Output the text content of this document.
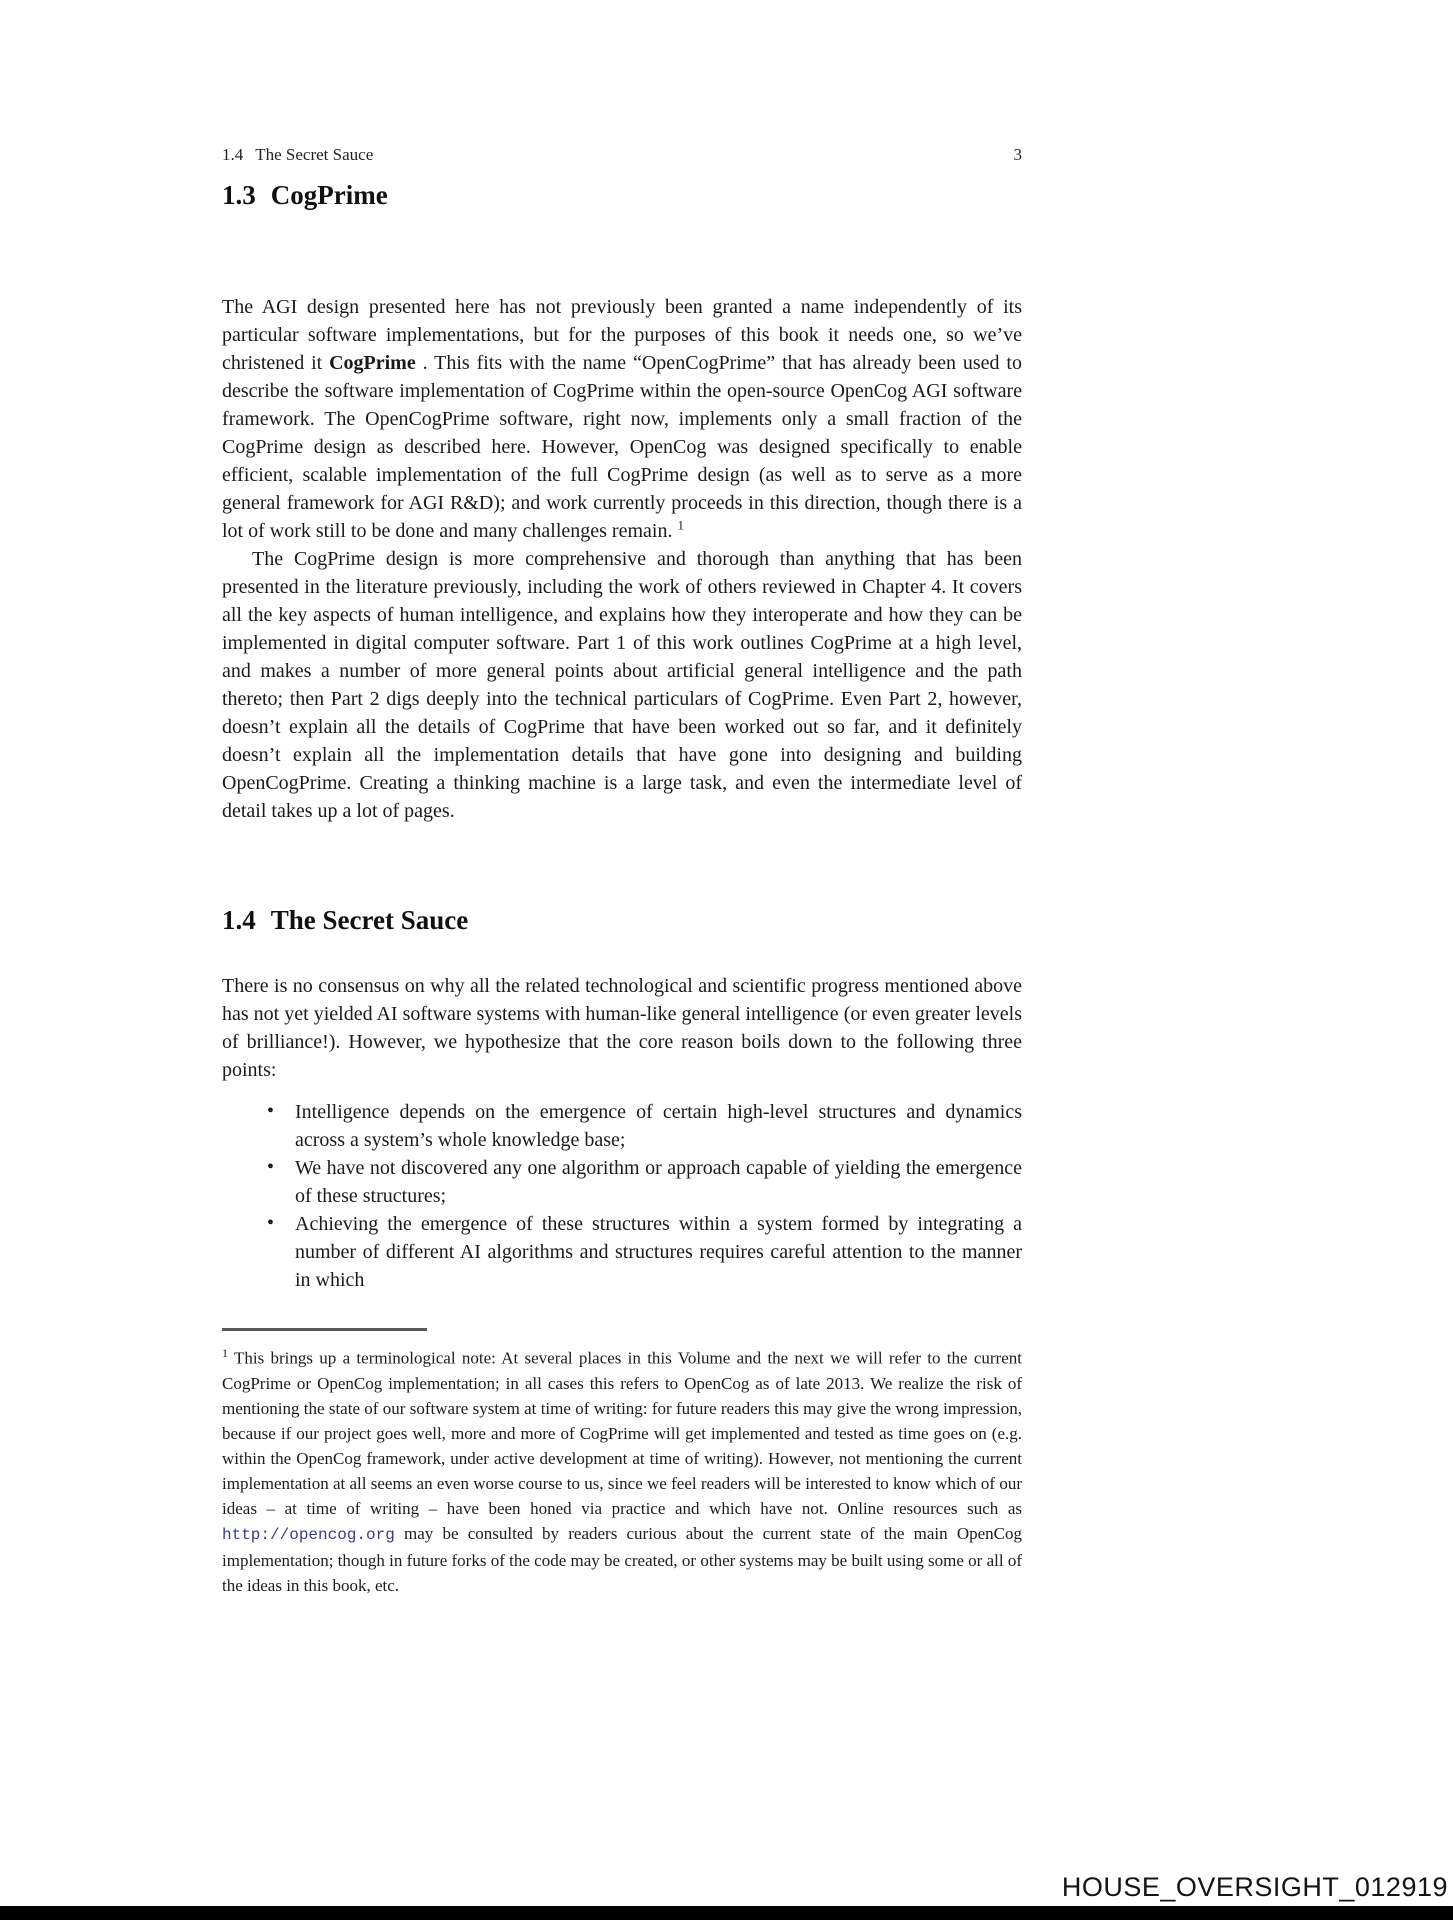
1.4 The Secret Sauce	3
1.3 CogPrime

The AGI design presented here has not previously been granted a name independently of its particular software implementations, but for the purposes of this book it needs one, so we’ve christened it CogPrime . This fits with the name “OpenCogPrime” that has already been used to describe the software implementation of CogPrime within the open-source OpenCog AGI software framework. The OpenCogPrime software, right now, implements only a small fraction of the CogPrime design as described here. However, OpenCog was designed specifically to enable efficient, scalable implementation of the full CogPrime design (as well as to serve as a more general framework for AGI R&D); and work currently proceeds in this direction, though there is a lot of work still to be done and many challenges remain. $^1$

The CogPrime design is more comprehensive and thorough than anything that has been presented in the literature previously, including the work of others reviewed in Chapter 4. It covers all the key aspects of human intelligence, and explains how they interoperate and how they can be implemented in digital computer software. Part 1 of this work outlines CogPrime at a high level, and makes a number of more general points about artificial general intelligence and the path thereto; then Part 2 digs deeply into the technical particulars of CogPrime. Even Part 2, however, doesn’t explain all the details of CogPrime that have been worked out so far, and it definitely doesn’t explain all the implementation details that have gone into designing and building OpenCogPrime. Creating a thinking machine is a large task, and even the intermediate level of detail takes up a lot of pages.

1.4 The Secret Sauce

There is no consensus on why all the related technological and scientific progress mentioned above has not yet yielded AI software systems with human-like general intelligence (or even greater levels of brilliance!). However, we hypothesize that the core reason boils down to the following three points:

• Intelligence depends on the emergence of certain high-level structures and dynamics across a system’s whole knowledge base;
• We have not discovered any one algorithm or approach capable of yielding the emergence of these structures;
• Achieving the emergence of these structures within a system formed by integrating a number of different AI algorithms and structures requires careful attention to the manner in which
$^1$ This brings up a terminological note: At several places in this Volume and the next we will refer to the current CogPrime or OpenCog implementation; in all cases this refers to OpenCog as of late 2013. We realize the risk of mentioning the state of our software system at time of writing: for future readers this may give the wrong impression, because if our project goes well, more and more of CogPrime will get implemented and tested as time goes on (e.g. within the OpenCog framework, under active development at time of writing). However, not mentioning the current implementation at all seems an even worse course to us, since we feel readers will be interested to know which of our ideas – at time of writing – have been honed via practice and which have not. Online resources such as http://opencog.org may be consulted by readers curious about the current state of the main OpenCog implementation; though in future forks of the code may be created, or other systems may be built using some or all of the ideas in this book, etc.
HOUSE_OVERSIGHT_012919
